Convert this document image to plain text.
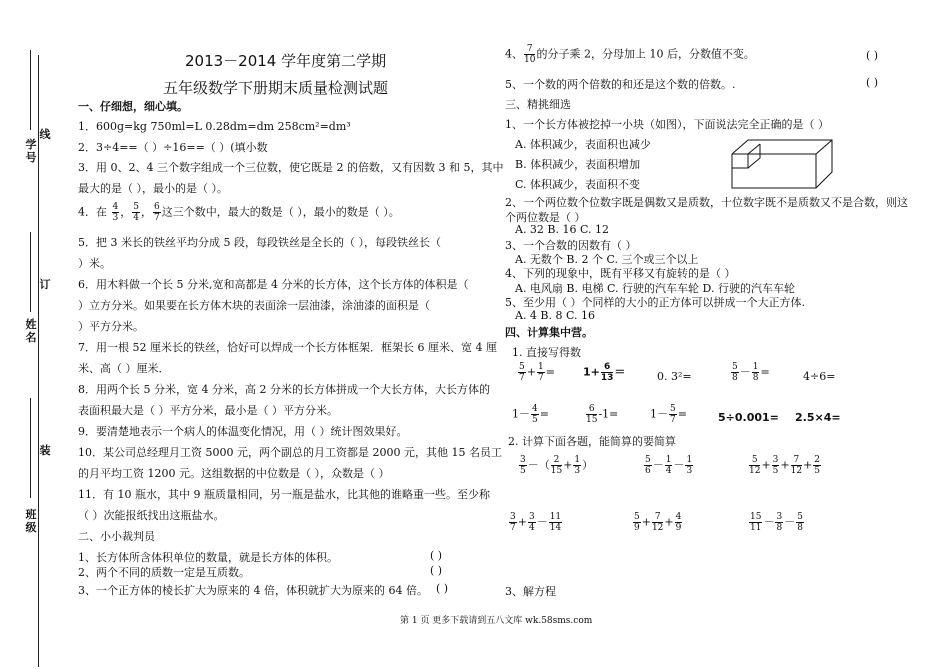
学号
线
姓名
订
装
班级
2013－2014 学年度第二学期
五年级数学下册期末质量检测试题
一、仔细想，细心填。
1．600g=kg 750ml=L 0.28dm=dm 258cm²=dm³
2．3÷4==（ ）÷16==（ ）(填小数
3．用 0、2、4 三个数字组成一个三位数，使它既是 2 的倍数，又有因数 3 和 5，其中
最大的是（ ），最小的是（ ）。
4．在 $\frac{4}{3}$ ， $\frac{5}{4}$ ， $\frac{6}{7}$ 这三个数中，最大的数是（ ），最小的数是（ ）。
5．把 3 米长的铁丝平均分成 5 段，每段铁丝是全长的（ ），每段铁丝长（
）米。
6．用木料做一个长 5 分米,宽和高都是 4 分米的长方体，这个长方体的体积是（
）立方分米。如果要在长方体木块的表面涂一层油漆，涂油漆的面积是（
）平方分米。
7．用一根 52 厘米长的铁丝，恰好可以焊成一个长方体框架．框架长 6 厘米、宽 4 厘
米、高（ ）厘米．
8．用两个长 5 分米，宽 4 分米，高 2 分米的长方体拼成一个大长方体，大长方体的
表面积最大是（ ）平方分米，最小是（ ）平方分米。
9．要清楚地表示一个病人的体温变化情况，用（ ）统计图效果好。
10．某公司总经理月工资 5000 元，两个副总的月工资都是 2000 元，其他 15 名员工
的月平均工资 1200 元。这组数据的中位数是（ ），众数是（ ）
11．有 10 瓶水，其中 9 瓶质量相同，另一瓶是盐水，比其他的谁略重一些。至少称
（ ）次能报纸找出这瓶盐水。
二、小小裁判员
1、长方体所含体积单位的数量，就是长方体的体积。	( )
2、两个不同的质数一定是互质数。	( )
3、一个正方体的棱长扩大为原来的 4 倍，体积就扩大为原来的 64 倍。 ( )
4、 $\frac{7}{10}$ 的分子乘 2，分母加上 10 后，分数值不变。	( )
5、一个数的两个倍数的和还是这个数的倍数。.	( )
三、精挑细选
1、一个长方体被挖掉一小块（如图），下面说法完全正确的是（ ）
A. 体积减少，表面积也减少
B. 体积减少，表面积增加
C. 体积减少，表面积不变
2、一个两位数个位数字既是偶数又是质数，十位数字既不是质数又不是合数，则这
个两位数是（ ）
A. 32 B. 16 C. 12
3、一个合数的因数有（ ）
A. 无数个 B. 2 个 C. 三个或三个以上
4、下列的现象中，既有平移又有旋转的是（ ）
A. 电风扇 B. 电梯 C. 行驶的汽车车轮 D. 行驶的汽车车轮
5、至少用（ ）个同样的大小的正方体可以拼成一个大正方体.
A. 4 B. 8 C. 16
四、计算集中营。
1. 直接写得数
$\frac{5}{7} + \frac{1}{7}$ =	$1+ \frac{6}{13}$ ＝	0. 3²=	$\frac{5}{8} - \frac{1}{8}$ =	4÷6=
$1- \frac{4}{5}$ =	$\frac{6}{15} -1=$	$1- \frac{5}{7}$ =	5÷0.001= 2.5×4=
2. 计算下面各题，能简算的要简算
$\frac{3}{5}$ －（ $\frac{2}{15} + \frac{1}{3}$ ）	$\frac{5}{6} - \frac{1}{4} - \frac{1}{3}$	$\frac{5}{12} + \frac{3}{5} + \frac{7}{12} + \frac{2}{5}$
$\frac{3}{7} + \frac{3}{4} - \frac{11}{14}$	$\frac{5}{9} + \frac{7}{12} + \frac{4}{9}$	$\frac{15}{11} - \frac{3}{8} - \frac{5}{8}$
3、解方程
第 1 页 更多下载请到五八文库 wk.58sms.com
